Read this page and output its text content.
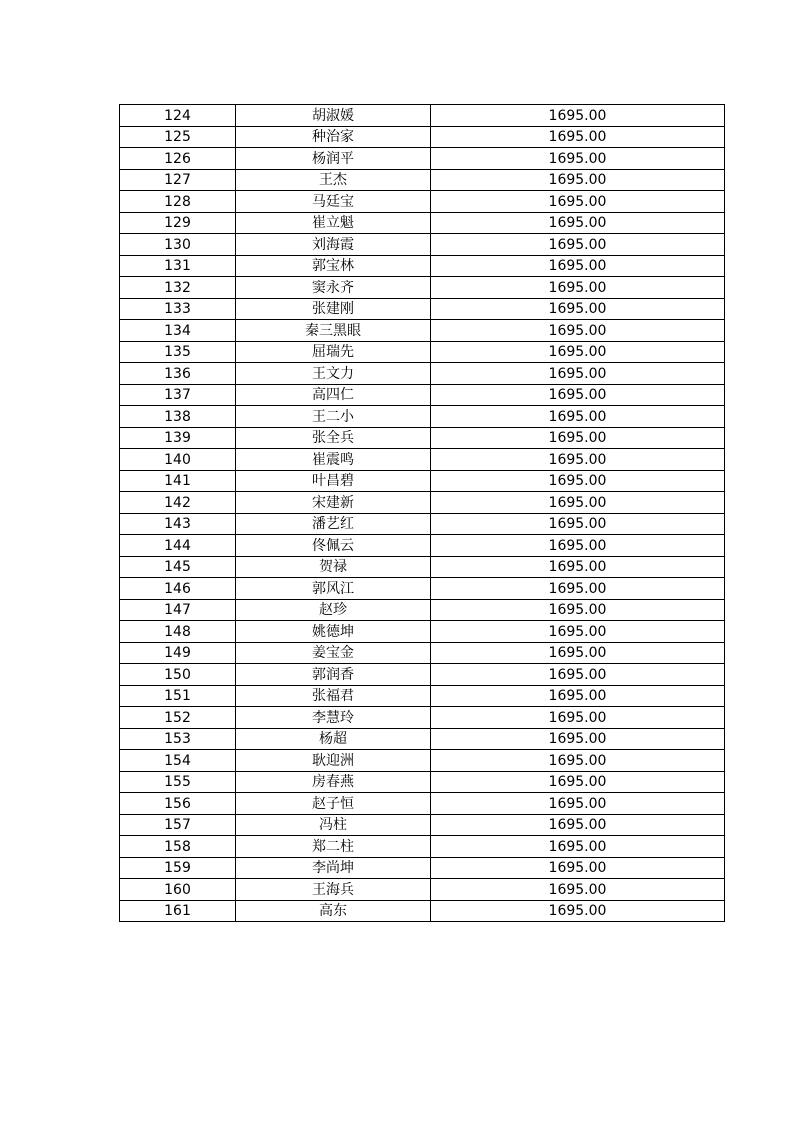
124	胡淑媛	1695.00
125	种治家	1695.00
126	杨润平	1695.00
127	王杰	1695.00
128	马廷宝	1695.00
129	崔立魁	1695.00
130	刘海霞	1695.00
131	郭宝林	1695.00
132	窦永齐	1695.00
133	张建刚	1695.00
134	秦三黑眼	1695.00
135	屈瑞先	1695.00
136	王文力	1695.00
137	高四仁	1695.00
138	王二小	1695.00
139	张全兵	1695.00
140	崔震鸣	1695.00
141	叶昌碧	1695.00
142	宋建新	1695.00
143	潘艺红	1695.00
144	佟佩云	1695.00
145	贺禄	1695.00
146	郭风江	1695.00
147	赵珍	1695.00
148	姚德坤	1695.00
149	姜宝金	1695.00
150	郭润香	1695.00
151	张福君	1695.00
152	李慧玲	1695.00
153	杨超	1695.00
154	耿迎洲	1695.00
155	房春燕	1695.00
156	赵子恒	1695.00
157	冯柱	1695.00
158	郑二柱	1695.00
159	李尚坤	1695.00
160	王海兵	1695.00
161	高东	1695.00
